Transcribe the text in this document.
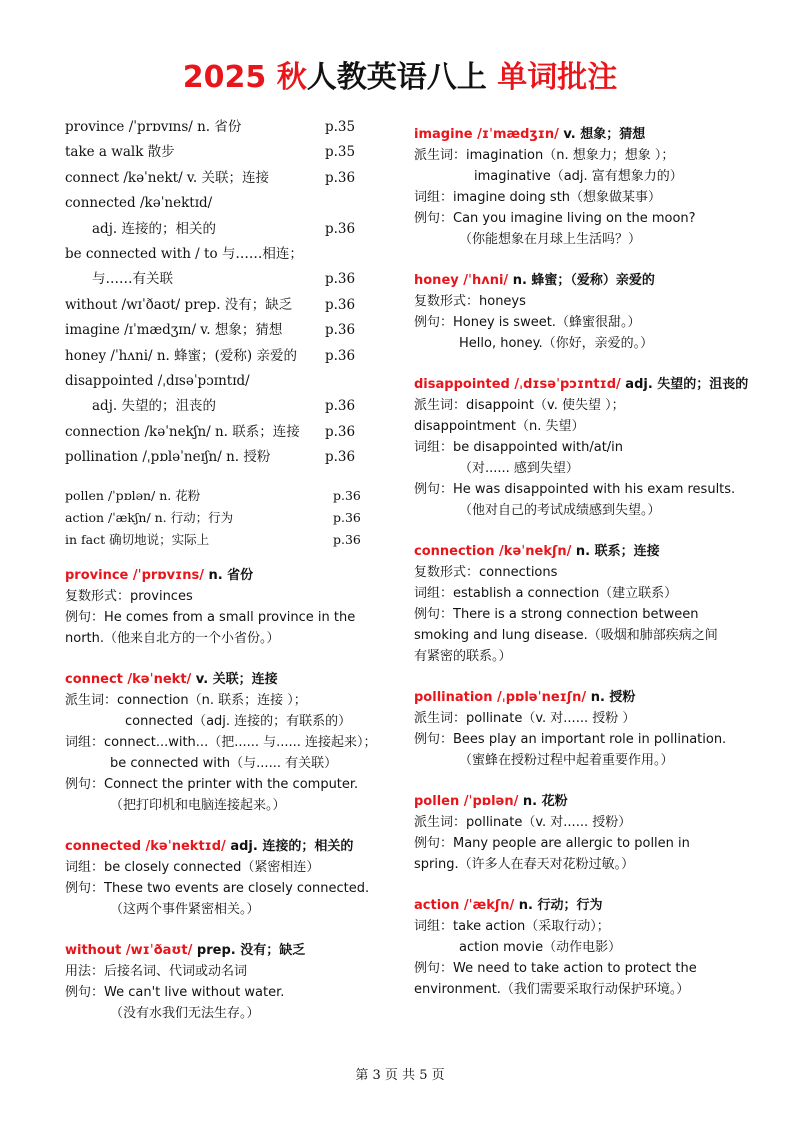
2025 秋人教英语八上 单词批注
province /ˈprɒvɪns/ n. 省份	p.35
take a walk 散步	p.35
connect /kəˈnekt/ v. 关联；连接	p.36
connected /kəˈnektɪd/
adj. 连接的；相关的	p.36
be connected with / to 与……相连；
与……有关联	p.36
without /wɪˈðaʊt/ prep. 没有；缺乏	p.36
imagine /ɪˈmædʒɪn/ v. 想象；猜想	p.36
honey /ˈhʌni/ n. 蜂蜜；(爱称) 亲爱的	p.36
disappointed /ˌdɪsəˈpɔɪntɪd/
adj. 失望的；沮丧的	p.36
connection /kəˈnekʃn/ n. 联系；连接	p.36
pollination /ˌpɒləˈneɪʃn/ n. 授粉	p.36
pollen /ˈpɒlən/ n. 花粉	p.36
action /ˈækʃn/ n. 行动；行为	p.36
in fact 确切地说；实际上	p.36
province /ˈprɒvɪns/ n. 省份
复数形式：provinces
例句：He comes from a small province in the
north.（他来自北方的一个小省份。）
connect /kəˈnekt/ v. 关联；连接
派生词：connection（n. 联系；连接 ）；
connected（adj. 连接的；有联系的）
词组：connect...with...（把...... 与...... 连接起来）；
be connected with（与...... 有关联）
例句：Connect the printer with the computer.
（把打印机和电脑连接起来。）
connected /kəˈnektɪd/ adj. 连接的；相关的
词组：be closely connected（紧密相连）
例句：These two events are closely connected.
（这两个事件紧密相关。）
without /wɪˈðaʊt/ prep. 没有；缺乏
用法：后接名词、代词或动名词
例句：We can't live without water.
（没有水我们无法生存。）
imagine /ɪˈmædʒɪn/ v. 想象；猜想
派生词：imagination（n. 想象力；想象 ）；
imaginative（adj. 富有想象力的）
词组：imagine doing sth（想象做某事）
例句：Can you imagine living on the moon?
（你能想象在月球上生活吗？）
honey /ˈhʌni/ n. 蜂蜜；（爱称）亲爱的
复数形式：honeys
例句：Honey is sweet.（蜂蜜很甜。）
Hello, honey.（你好，亲爱的。）
disappointed /ˌdɪsəˈpɔɪntɪd/ adj. 失望的；沮丧的
派生词：disappoint（v. 使失望 ）；
disappointment（n. 失望）
词组：be disappointed with/at/in
（对...... 感到失望）
例句：He was disappointed with his exam results.
（他对自己的考试成绩感到失望。）
connection /kəˈnekʃn/ n. 联系；连接
复数形式：connections
词组：establish a connection（建立联系）
例句：There is a strong connection between
smoking and lung disease.（吸烟和肺部疾病之间
有紧密的联系。）
pollination /ˌpɒləˈneɪʃn/ n. 授粉
派生词：pollinate（v. 对...... 授粉 ）
例句：Bees play an important role in pollination.
（蜜蜂在授粉过程中起着重要作用。）
pollen /ˈpɒlən/ n. 花粉
派生词：pollinate（v. 对...... 授粉）
例句：Many people are allergic to pollen in
spring.（许多人在春天对花粉过敏。）
action /ˈækʃn/ n. 行动；行为
词组：take action（采取行动）；
action movie（动作电影）
例句：We need to take action to protect the
environment.（我们需要采取行动保护环境。）
第 3 页 共 5 页
